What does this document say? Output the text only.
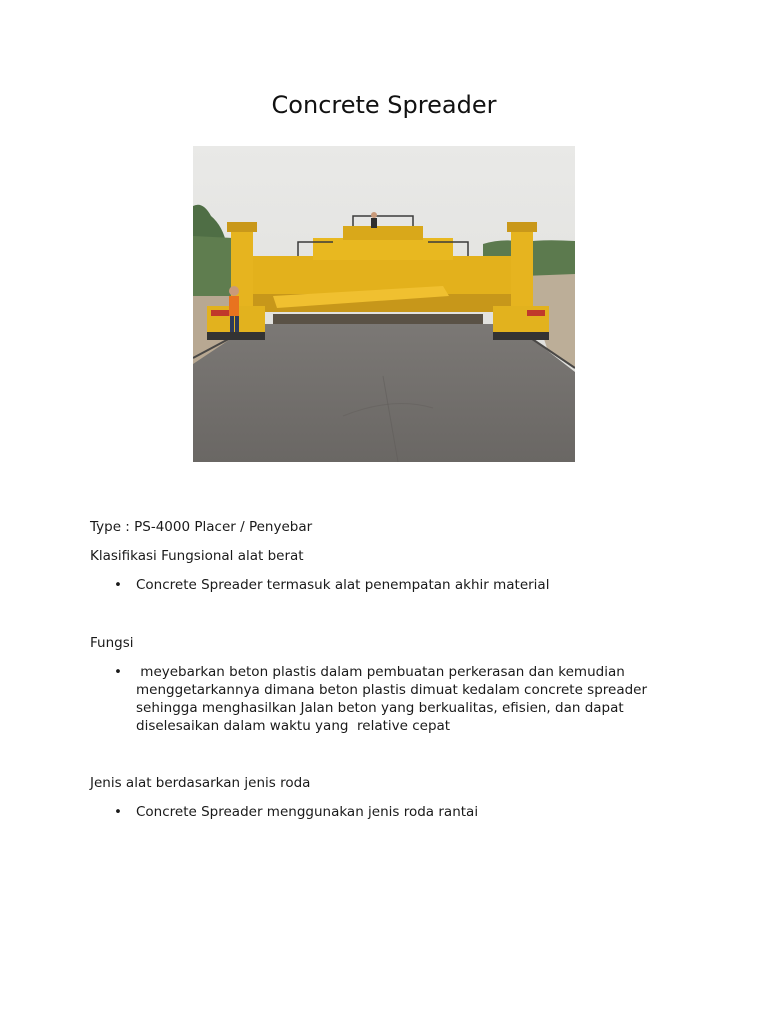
Concrete Spreader
Type : PS-4000 Placer / Penyebar
Klasifikasi Fungsional alat berat
• Concrete Spreader termasuk alat penempatan akhir material
Fungsi
• meyebarkan beton plastis dalam pembuatan perkerasan dan kemudian
menggetarkannya dimana beton plastis dimuat kedalam concrete spreader
sehingga menghasilkan Jalan beton yang berkualitas, efisien, dan dapat
diselesaikan dalam waktu yang  relative cepat
Jenis alat berdasarkan jenis roda
• Concrete Spreader menggunakan jenis roda rantai
